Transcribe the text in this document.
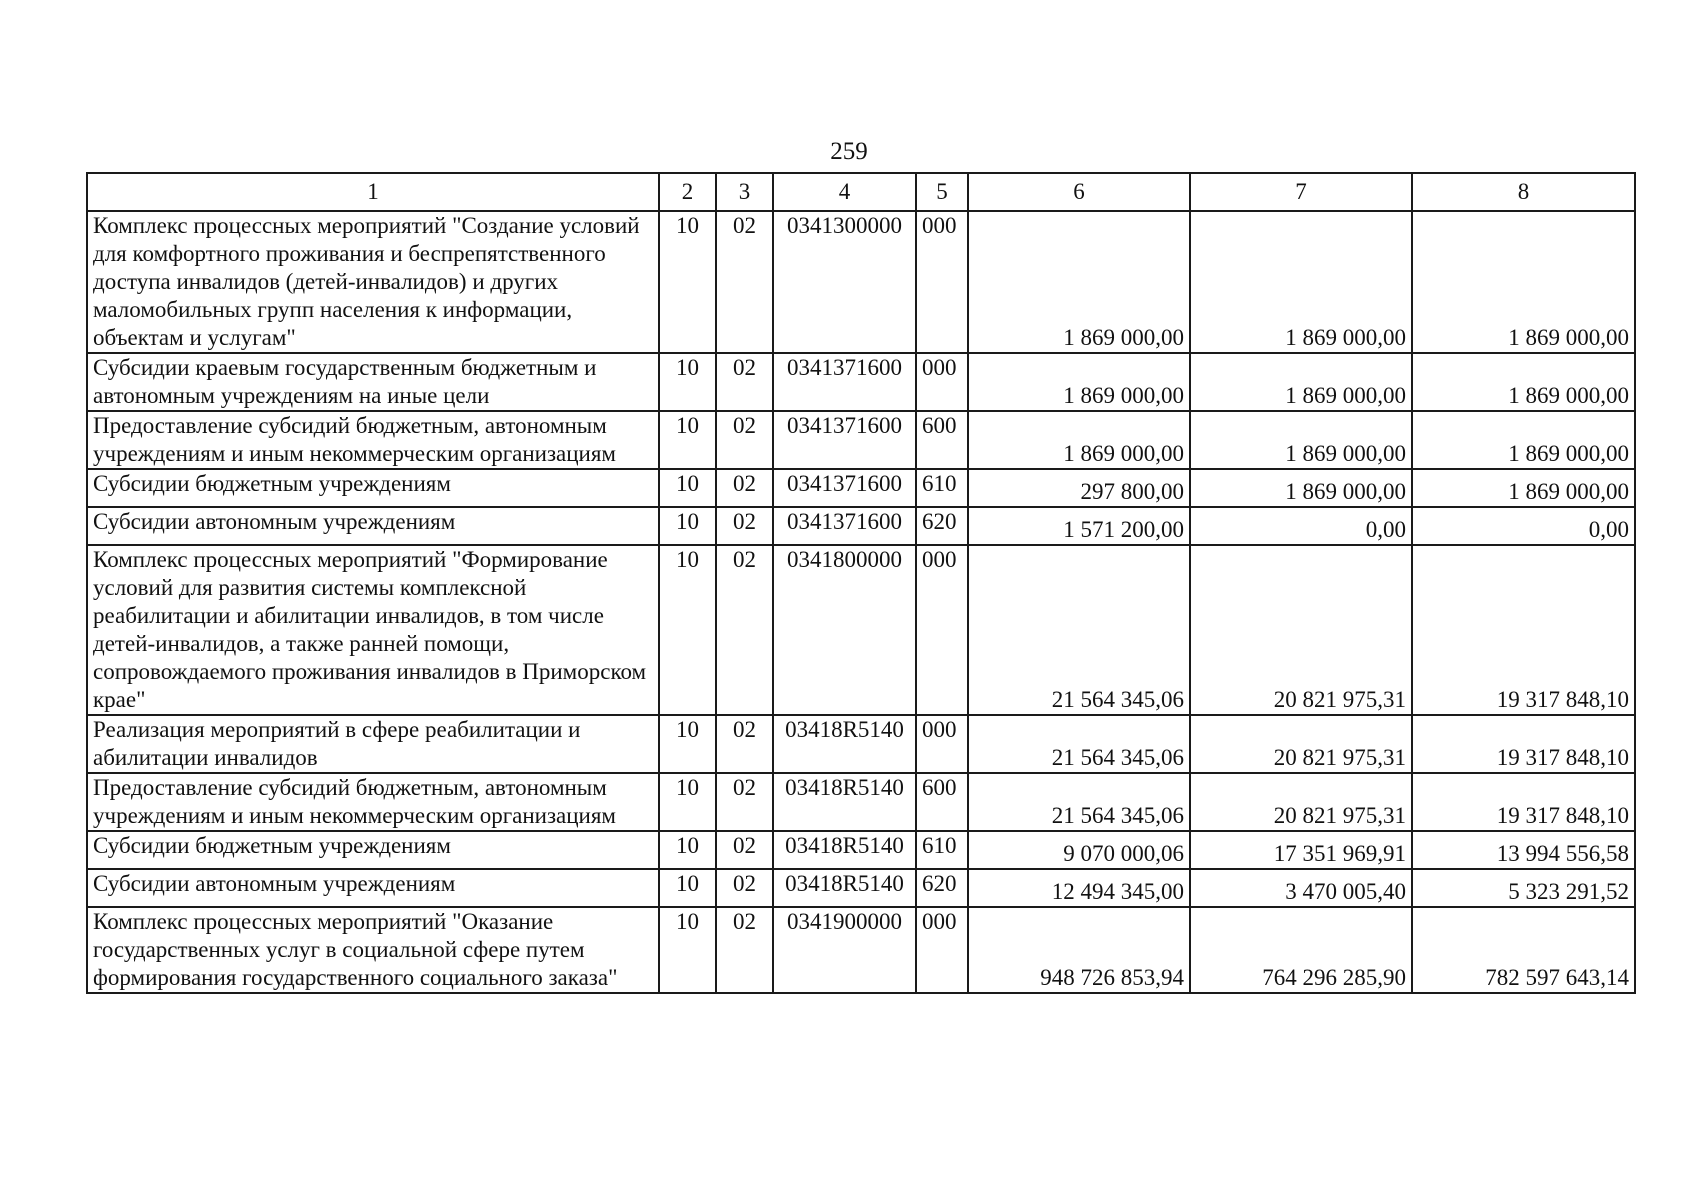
259
1	2	3	4	5	6	7	8
Комплекс процессных мероприятий "Создание условий для комфортного проживания и беспрепятственного доступа инвалидов (детей-инвалидов) и других маломобильных групп населения к информации, объектам и услугам"	10	02	0341300000	000	1 869 000,00	1 869 000,00	1 869 000,00
Субсидии краевым государственным бюджетным и автономным учреждениям на иные цели	10	02	0341371600	000	1 869 000,00	1 869 000,00	1 869 000,00
Предоставление субсидий бюджетным, автономным учреждениям и иным некоммерческим организациям	10	02	0341371600	600	1 869 000,00	1 869 000,00	1 869 000,00
Субсидии бюджетным учреждениям	10	02	0341371600	610	297 800,00	1 869 000,00	1 869 000,00
Субсидии автономным учреждениям	10	02	0341371600	620	1 571 200,00	0,00	0,00
Комплекс процессных мероприятий "Формирование условий для развития системы комплексной реабилитации и абилитации инвалидов, в том числе детей-инвалидов, а также ранней помощи, сопровождаемого проживания инвалидов в Приморском крае"	10	02	0341800000	000	21 564 345,06	20 821 975,31	19 317 848,10
Реализация мероприятий в сфере реабилитации и абилитации инвалидов	10	02	03418R5140	000	21 564 345,06	20 821 975,31	19 317 848,10
Предоставление субсидий бюджетным, автономным учреждениям и иным некоммерческим организациям	10	02	03418R5140	600	21 564 345,06	20 821 975,31	19 317 848,10
Субсидии бюджетным учреждениям	10	02	03418R5140	610	9 070 000,06	17 351 969,91	13 994 556,58
Субсидии автономным учреждениям	10	02	03418R5140	620	12 494 345,00	3 470 005,40	5 323 291,52
Комплекс процессных мероприятий "Оказание государственных услуг в социальной сфере путем формирования государственного социального заказа"	10	02	0341900000	000	948 726 853,94	764 296 285,90	782 597 643,14
